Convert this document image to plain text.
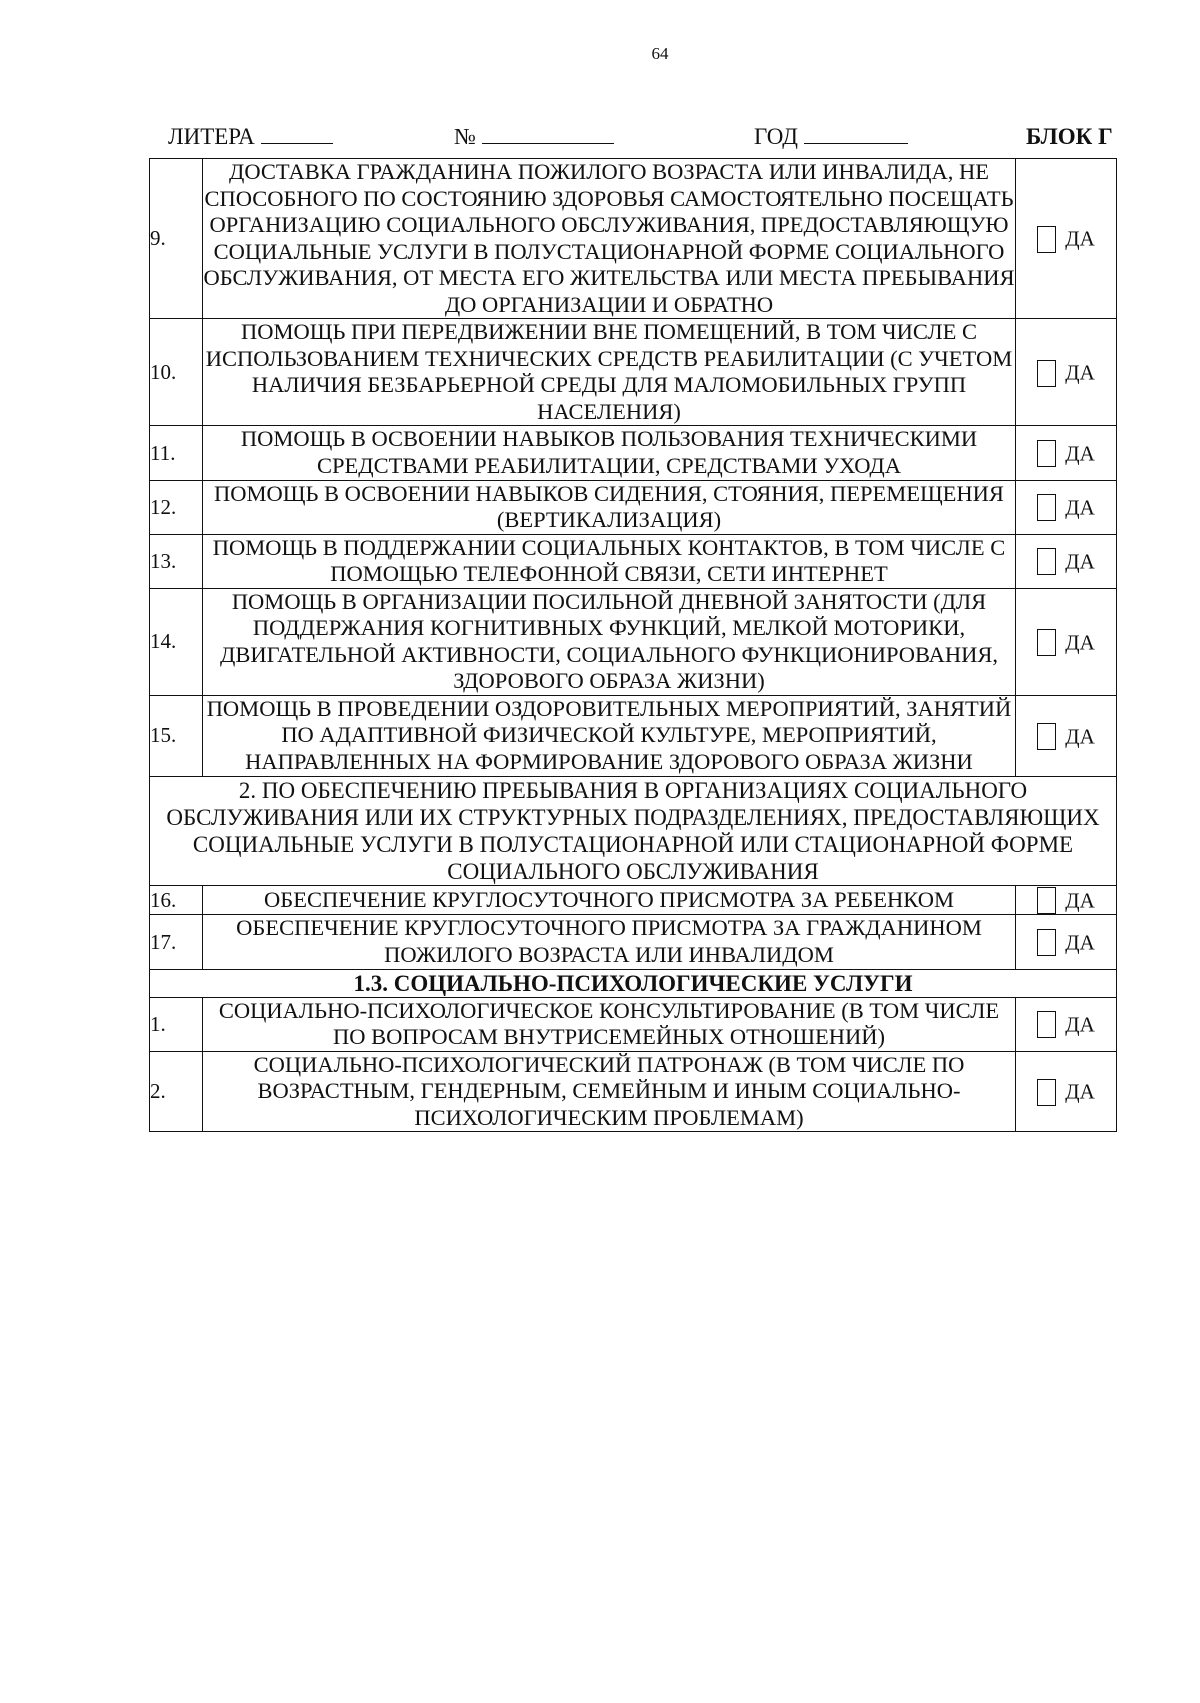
64
ЛИТЕРА	№	ГОД	БЛОК Г
9.	ДОСТАВКА ГРАЖДАНИНА ПОЖИЛОГО ВОЗРАСТА ИЛИ ИНВАЛИДА, НЕ СПОСОБНОГО ПО СОСТОЯНИЮ ЗДОРОВЬЯ САМОСТОЯТЕЛЬНО ПОСЕЩАТЬ ОРГАНИЗАЦИЮ СОЦИАЛЬНОГО ОБСЛУЖИВАНИЯ, ПРЕДОСТАВЛЯЮЩУЮ СОЦИАЛЬНЫЕ УСЛУГИ В ПОЛУСТАЦИОНАРНОЙ ФОРМЕ СОЦИАЛЬНОГО ОБСЛУЖИВАНИЯ, ОТ МЕСТА ЕГО ЖИТЕЛЬСТВА ИЛИ МЕСТА ПРЕБЫВАНИЯ ДО ОРГАНИЗАЦИИ И ОБРАТНО	ДА
10.	ПОМОЩЬ ПРИ ПЕРЕДВИЖЕНИИ ВНЕ ПОМЕЩЕНИЙ, В ТОМ ЧИСЛЕ С ИСПОЛЬЗОВАНИЕМ ТЕХНИЧЕСКИХ СРЕДСТВ РЕАБИЛИТАЦИИ (С УЧЕТОМ НАЛИЧИЯ БЕЗБАРЬЕРНОЙ СРЕДЫ ДЛЯ МАЛОМОБИЛЬНЫХ ГРУПП НАСЕЛЕНИЯ)	ДА
11.	ПОМОЩЬ В ОСВОЕНИИ НАВЫКОВ ПОЛЬЗОВАНИЯ ТЕХНИЧЕСКИМИ СРЕДСТВАМИ РЕАБИЛИТАЦИИ, СРЕДСТВАМИ УХОДА	ДА
12.	ПОМОЩЬ В ОСВОЕНИИ НАВЫКОВ СИДЕНИЯ, СТОЯНИЯ, ПЕРЕМЕЩЕНИЯ (ВЕРТИКАЛИЗАЦИЯ)	ДА
13.	ПОМОЩЬ В ПОДДЕРЖАНИИ СОЦИАЛЬНЫХ КОНТАКТОВ, В ТОМ ЧИСЛЕ С ПОМОЩЬЮ ТЕЛЕФОННОЙ СВЯЗИ, СЕТИ ИНТЕРНЕТ	ДА
14.	ПОМОЩЬ В ОРГАНИЗАЦИИ ПОСИЛЬНОЙ ДНЕВНОЙ ЗАНЯТОСТИ (ДЛЯ ПОДДЕРЖАНИЯ КОГНИТИВНЫХ ФУНКЦИЙ, МЕЛКОЙ МОТОРИКИ, ДВИГАТЕЛЬНОЙ АКТИВНОСТИ, СОЦИАЛЬНОГО ФУНКЦИОНИРОВАНИЯ, ЗДОРОВОГО ОБРАЗА ЖИЗНИ)	ДА
15.	ПОМОЩЬ В ПРОВЕДЕНИИ ОЗДОРОВИТЕЛЬНЫХ МЕРОПРИЯТИЙ, ЗАНЯТИЙ ПО АДАПТИВНОЙ ФИЗИЧЕСКОЙ КУЛЬТУРЕ, МЕРОПРИЯТИЙ, НАПРАВЛЕННЫХ НА ФОРМИРОВАНИЕ ЗДОРОВОГО ОБРАЗА ЖИЗНИ	ДА
2. ПО ОБЕСПЕЧЕНИЮ ПРЕБЫВАНИЯ В ОРГАНИЗАЦИЯХ СОЦИАЛЬНОГО ОБСЛУЖИВАНИЯ ИЛИ ИХ СТРУКТУРНЫХ ПОДРАЗДЕЛЕНИЯХ, ПРЕДОСТАВЛЯЮЩИХ СОЦИАЛЬНЫЕ УСЛУГИ В ПОЛУСТАЦИОНАРНОЙ ИЛИ СТАЦИОНАРНОЙ ФОРМЕ СОЦИАЛЬНОГО ОБСЛУЖИВАНИЯ		
16.	ОБЕСПЕЧЕНИЕ КРУГЛОСУТОЧНОГО ПРИСМОТРА ЗА РЕБЕНКОМ	ДА
17.	ОБЕСПЕЧЕНИЕ КРУГЛОСУТОЧНОГО ПРИСМОТРА ЗА ГРАЖДАНИНОМ ПОЖИЛОГО ВОЗРАСТА ИЛИ ИНВАЛИДОМ	ДА
1.3. СОЦИАЛЬНО-ПСИХОЛОГИЧЕСКИЕ УСЛУГИ		
1.	СОЦИАЛЬНО-ПСИХОЛОГИЧЕСКОЕ КОНСУЛЬТИРОВАНИЕ (В ТОМ ЧИСЛЕ ПО ВОПРОСАМ ВНУТРИСЕМЕЙНЫХ ОТНОШЕНИЙ)	ДА
2.	СОЦИАЛЬНО-ПСИХОЛОГИЧЕСКИЙ ПАТРОНАЖ (В ТОМ ЧИСЛЕ ПО ВОЗРАСТНЫМ, ГЕНДЕРНЫМ, СЕМЕЙНЫМ И ИНЫМ СОЦИАЛЬНО-ПСИХОЛОГИЧЕСКИМ ПРОБЛЕМАМ)	ДА
